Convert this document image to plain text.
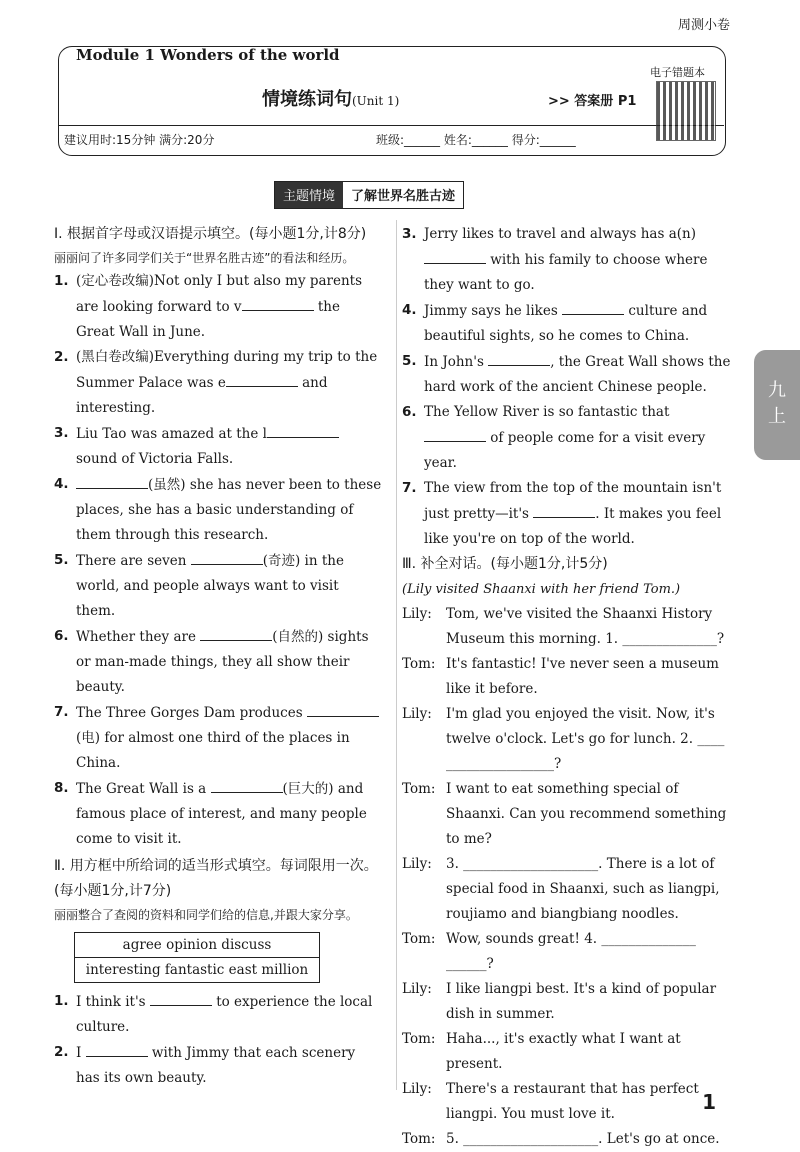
周测小卷
Module 1 Wonders of the world
情境练词句(Unit 1)	>> 答案册 P1
电子错题本
建议用时:15分钟 满分:20分	班级:______ 姓名:______ 得分:______
主题情境	了解世界名胜古迹

Ⅰ. 根据首字母或汉语提示填空。(每小题1分,计8分)

丽丽问了许多同学们关于“世界名胜古迹”的看法和经历。

1. (定心卷改编)Not only I but also my parents are looking forward to v	the Great Wall in June.
2. (黑白卷改编)Everything during my trip to the Summer Palace was e	and interesting.
3. Liu Tao was amazed at the l sound of Victoria Falls.
4.	(虽然) she has never been to these places, she has a basic understanding of them through this research.
5. There are seven	(奇迹) in the world, and people always want to visit them.
6. Whether they are	(自然的) sights or man-made things, they all show their beauty.
7. The Three Gorges Dam produces (电) for almost one third of the places in China.
8. The Great Wall is a	(巨大的) and famous place of interest, and many people come to visit it.

Ⅱ. 用方框中所给词的适当形式填空。每词限用一次。(每小题1分,计7分)

丽丽整合了查阅的资料和同学们给的信息,并跟大家分享。

agree opinion discuss
interesting fantastic east million
1. I think it's	to experience the local culture.
2. I	with Jimmy that each scenery has its own beauty.
3. Jerry likes to travel and always has a(n)  with his family to choose where they want to go.
4. Jimmy says he likes	culture and beautiful sights, so he comes to China.
5. In John's	, the Great Wall shows the hard work of the ancient Chinese people.
6. The Yellow River is so fantastic that  of people come for a visit every year.
7. The view from the top of the mountain isn't just pretty—it's	. It makes you feel like you're on top of the world.

Ⅲ. 补全对话。(每小题1分,计5分)

(Lily visited Shaanxi with her friend Tom.)

Lily:	Tom, we've visited the Shaanxi History Museum this morning. 1. ______________?
Tom: It's fantastic! I've never seen a museum like it before.
Lily:	I'm glad you enjoyed the visit. Now, it's twelve o'clock. Let's go for lunch. 2. ____ ________________?
Tom: I want to eat something special of Shaanxi. Can you recommend something to me?
Lily:	3. ____________________. There is a lot of special food in Shaanxi, such as liangpi, roujiamo and biangbiang noodles.
Tom: Wow, sounds great! 4. ______________ ______?
Lily:	I like liangpi best. It's a kind of popular dish in summer.
Tom: Haha..., it's exactly what I want at present.
Lily:	There's a restaurant that has perfect liangpi. You must love it.
Tom: 5. ____________________. Let's go at once.
九
上
1
